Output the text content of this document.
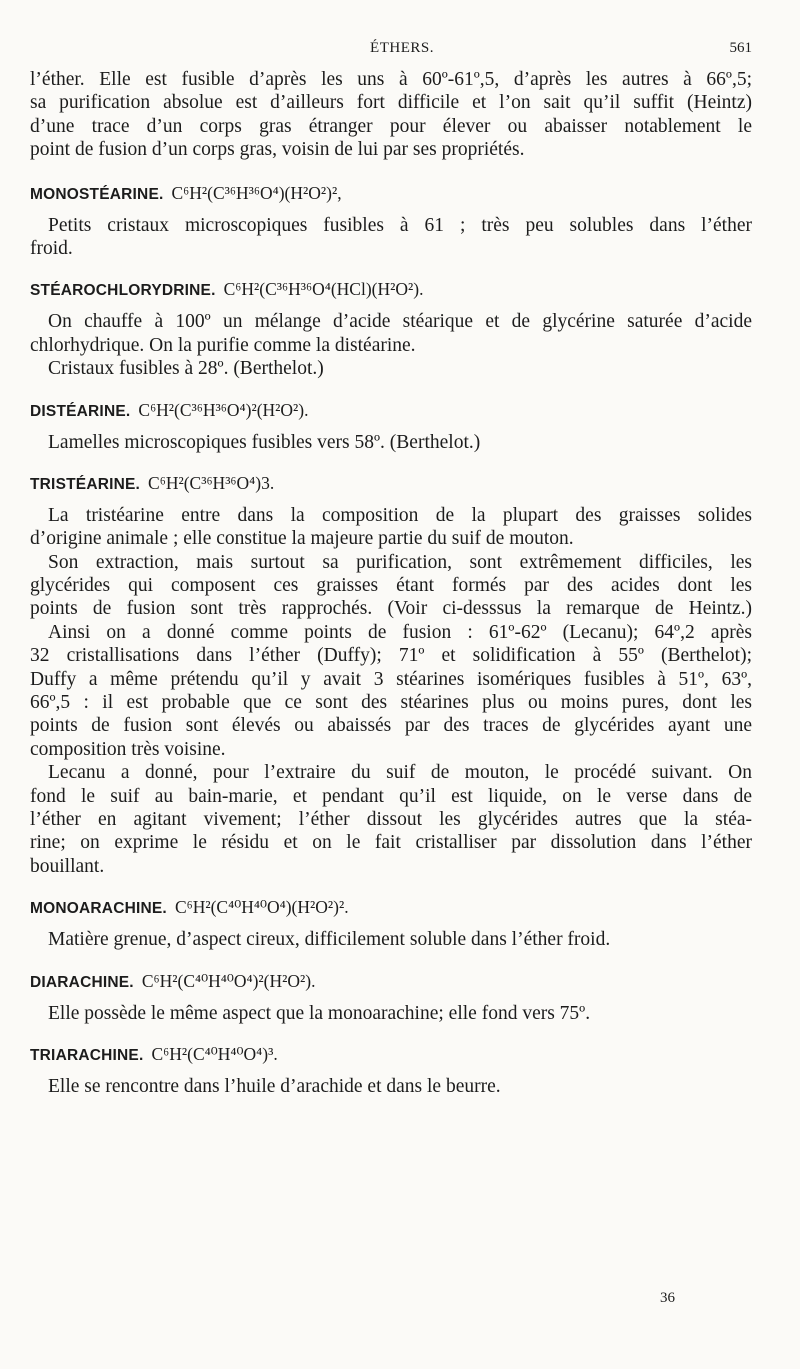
ÉTHERS.	561
l’éther. Elle est fusible d’après les uns à 60º-61º,5, d’après les autres à 66º,5;
sa purification absolue est d’ailleurs fort difficile et l’on sait qu’il suffit (Heintz)
d’une trace d’un corps gras étranger pour élever ou abaisser notablement le
point de fusion d’un corps gras, voisin de lui par ses propriétés.
MONOSTÉARINE. C⁶H²(C³⁶H³⁶O⁴)(H²O²)²,
Petits cristaux microscopiques fusibles à 61 ; très peu solubles dans l’éther
froid.
STÉAROCHLORYDRINE. C⁶H²(C³⁶H³⁶O⁴(HCl)(H²O²).
On chauffe à 100º un mélange d’acide stéarique et de glycérine saturée d’acide
chlorhydrique. On la purifie comme la distéarine.
Cristaux fusibles à 28º. (Berthelot.)
DISTÉARINE. C⁶H²(C³⁶H³⁶O⁴)²(H²O²).
Lamelles microscopiques fusibles vers 58º. (Berthelot.)
TRISTÉARINE. C⁶H²(C³⁶H³⁶O⁴)3.
La tristéarine entre dans la composition de la plupart des graisses solides
d’origine animale ; elle constitue la majeure partie du suif de mouton.
Son extraction, mais surtout sa purification, sont extrêmement difficiles, les
glycérides qui composent ces graisses étant formés par des acides dont les
points de fusion sont très rapprochés. (Voir ci-desssus la remarque de Heintz.)
Ainsi on a donné comme points de fusion : 61º-62º (Lecanu); 64º,2 après
32 cristallisations dans l’éther (Duffy); 71º et solidification à 55º (Berthelot);
Duffy a même prétendu qu’il y avait 3 stéarines isomériques fusibles à 51º, 63º,
66º,5 : il est probable que ce sont des stéarines plus ou moins pures, dont les
points de fusion sont élevés ou abaissés par des traces de glycérides ayant une
composition très voisine.
Lecanu a donné, pour l’extraire du suif de mouton, le procédé suivant. On
fond le suif au bain-marie, et pendant qu’il est liquide, on le verse dans de
l’éther en agitant vivement; l’éther dissout les glycérides autres que la stéa-
rine; on exprime le résidu et on le fait cristalliser par dissolution dans l’éther
bouillant.
MONOARACHINE. C⁶H²(C⁴⁰H⁴⁰O⁴)(H²O²)².
Matière grenue, d’aspect cireux, difficilement soluble dans l’éther froid.
DIARACHINE. C⁶H²(C⁴⁰H⁴⁰O⁴)²(H²O²).
Elle possède le même aspect que la monoarachine; elle fond vers 75º.
TRIARACHINE. C⁶H²(C⁴⁰H⁴⁰O⁴)³.
Elle se rencontre dans l’huile d’arachide et dans le beurre.
36
